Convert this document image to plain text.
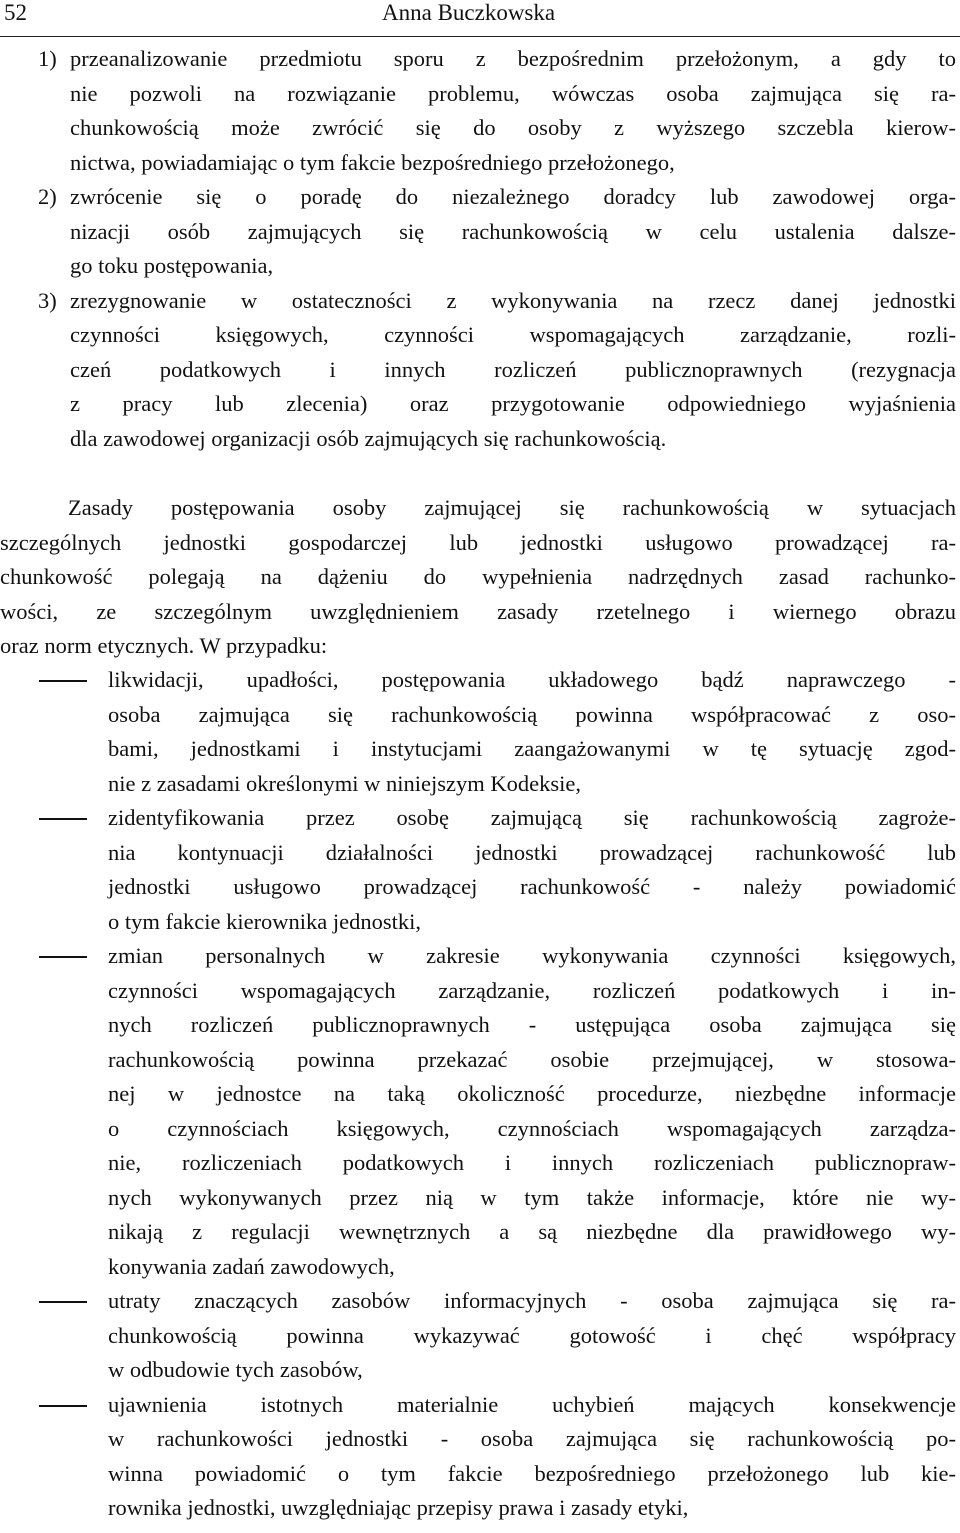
52	Anna Buczkowska
1) przeanalizowanie przedmiotu sporu z bezpośrednim przełożonym, a gdy to
nie pozwoli na rozwiązanie problemu, wówczas osoba zajmująca się ra-
chunkowością może zwrócić się do osoby z wyższego szczebla kierow-
nictwa, powiadamiając o tym fakcie bezpośredniego przełożonego,
2) zwrócenie się o poradę do niezależnego doradcy lub zawodowej orga-
nizacji osób zajmujących się rachunkowością w celu ustalenia dalsze-
go toku postępowania,
3) zrezygnowanie w ostateczności z wykonywania na rzecz danej jednostki
czynności księgowych, czynności wspomagających zarządzanie, rozli-
czeń podatkowych i innych rozliczeń publicznoprawnych (rezygnacja
z pracy lub zlecenia) oraz przygotowanie odpowiedniego wyjaśnienia
dla zawodowej organizacji osób zajmujących się rachunkowością.
Zasady postępowania osoby zajmującej się rachunkowością w sytuacjach
szczególnych jednostki gospodarczej lub jednostki usługowo prowadzącej ra-
chunkowość polegają na dążeniu do wypełnienia nadrzędnych zasad rachunko-
wości, ze szczególnym uwzględnieniem zasady rzetelnego i wiernego obrazu
oraz norm etycznych. W przypadku:
likwidacji, upadłości, postępowania układowego bądź naprawczego -
osoba zajmująca się rachunkowością powinna współpracować z oso-
bami, jednostkami i instytucjami zaangażowanymi w tę sytuację zgod-
nie z zasadami określonymi w niniejszym Kodeksie,
zidentyfikowania przez osobę zajmującą się rachunkowością zagroże-
nia kontynuacji działalności jednostki prowadzącej rachunkowość lub
jednostki usługowo prowadzącej rachunkowość - należy powiadomić
o tym fakcie kierownika jednostki,
zmian personalnych w zakresie wykonywania czynności księgowych,
czynności wspomagających zarządzanie, rozliczeń podatkowych i in-
nych rozliczeń publicznoprawnych - ustępująca osoba zajmująca się
rachunkowością powinna przekazać osobie przejmującej, w stosowa-
nej w jednostce na taką okoliczność procedurze, niezbędne informacje
o czynnościach księgowych, czynnościach wspomagających zarządza-
nie, rozliczeniach podatkowych i innych rozliczeniach publicznopraw-
nych wykonywanych przez nią w tym także informacje, które nie wy-
nikają z regulacji wewnętrznych a są niezbędne dla prawidłowego wy-
konywania zadań zawodowych,
utraty znaczących zasobów informacyjnych - osoba zajmująca się ra-
chunkowością powinna wykazywać gotowość i chęć współpracy
w odbudowie tych zasobów,
ujawnienia istotnych materialnie uchybień mających konsekwencje
w rachunkowości jednostki - osoba zajmująca się rachunkowością po-
winna powiadomić o tym fakcie bezpośredniego przełożonego lub kie-
rownika jednostki, uwzględniając przepisy prawa i zasady etyki,
